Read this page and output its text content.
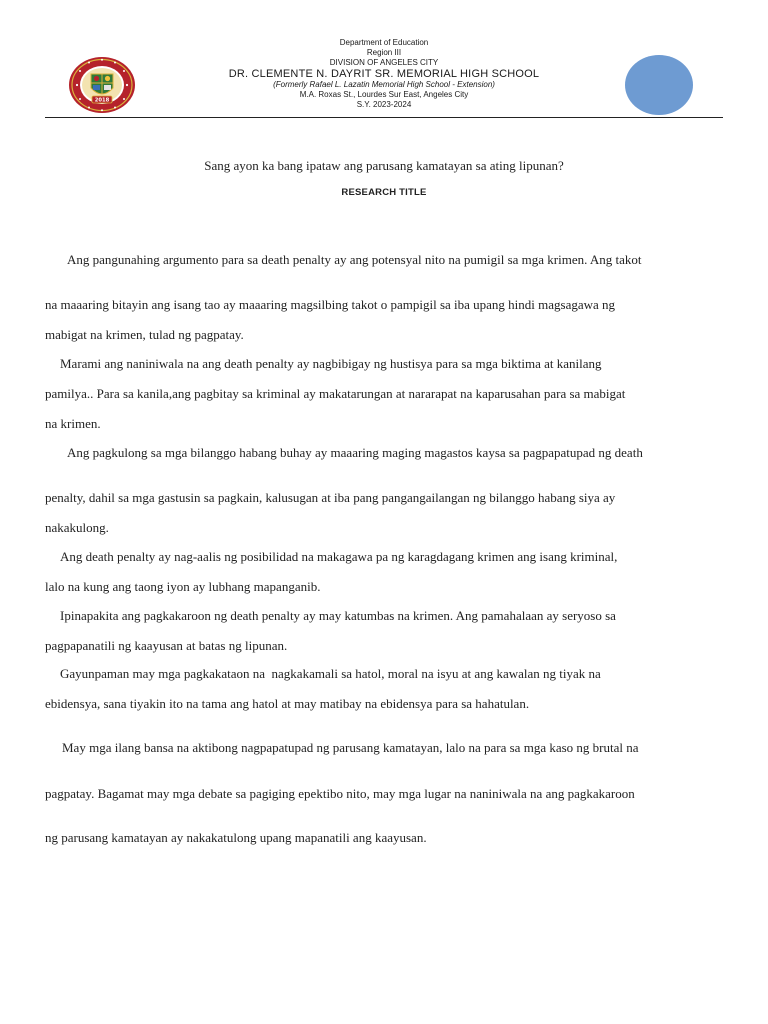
2018
Department of Education
Region III
DIVISION OF ANGELES CITY
DR. CLEMENTE N. DAYRIT SR. MEMORIAL HIGH SCHOOL
(Formerly Rafael L. Lazatin Memorial High School - Extension)
M.A. Roxas St., Lourdes Sur East, Angeles City
S.Y. 2023-2024
Sang ayon ka bang ipataw ang parusang kamatayan sa ating lipunan?
RESEARCH TITLE
Ang pangunahing argumento para sa death penalty ay ang potensyal nito na pumigil sa mga krimen. Ang takot
na maaaring bitayin ang isang tao ay maaaring magsilbing takot o pampigil sa iba upang hindi magsagawa ng
mabigat na krimen, tulad ng pagpatay.
Marami ang naniniwala na ang death penalty ay nagbibigay ng hustisya para sa mga biktima at kanilang
pamilya.. Para sa kanila,ang pagbitay sa kriminal ay makatarungan at nararapat na kaparusahan para sa mabigat
na krimen.
Ang pagkulong sa mga bilanggo habang buhay ay maaaring maging magastos kaysa sa pagpapatupad ng death
penalty, dahil sa mga gastusin sa pagkain, kalusugan at iba pang pangangailangan ng bilanggo habang siya ay
nakakulong.
Ang death penalty ay nag-aalis ng posibilidad na makagawa pa ng karagdagang krimen ang isang kriminal,
lalo na kung ang taong iyon ay lubhang mapanganib.
Ipinapakita ang pagkakaroon ng death penalty ay may katumbas na krimen. Ang pamahalaan ay seryoso sa
pagpapanatili ng kaayusan at batas ng lipunan.
Gayunpaman may mga pagkakataon na  nagkakamali sa hatol, moral na isyu at ang kawalan ng tiyak na
ebidensya, sana tiyakin ito na tama ang hatol at may matibay na ebidensya para sa hahatulan.
May mga ilang bansa na aktibong nagpapatupad ng parusang kamatayan, lalo na para sa mga kaso ng brutal na
pagpatay. Bagamat may mga debate sa pagiging epektibo nito, may mga lugar na naniniwala na ang pagkakaroon
ng parusang kamatayan ay nakakatulong upang mapanatili ang kaayusan.
